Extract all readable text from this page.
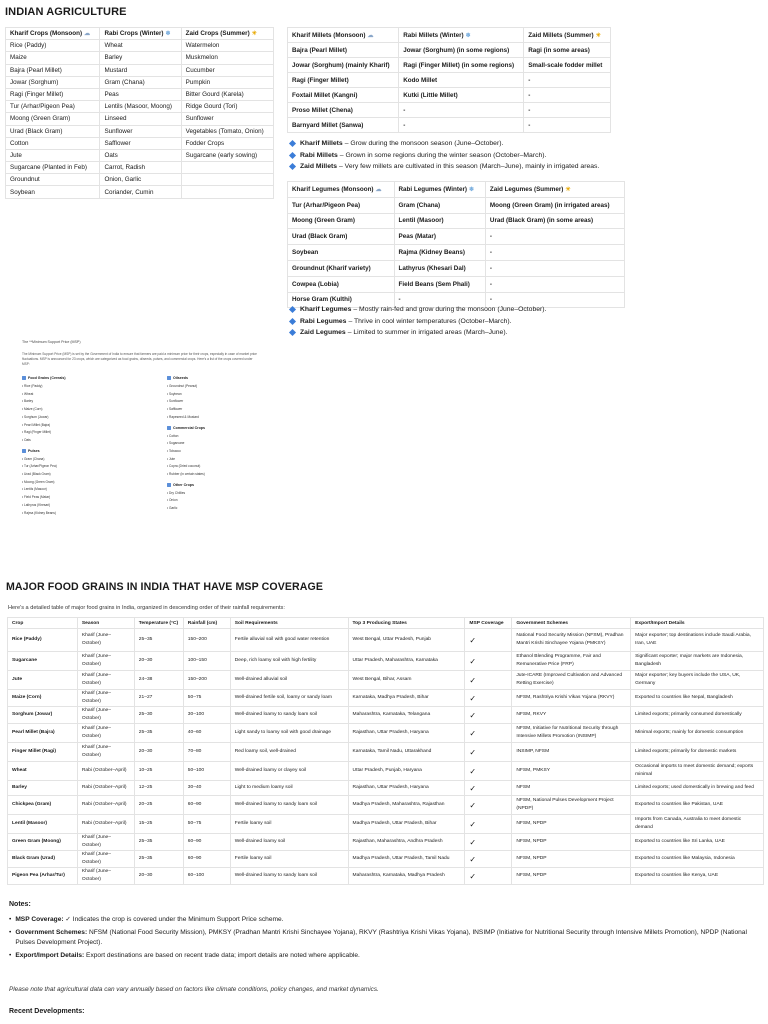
INDIAN AGRICULTURE
Kharif Crops (Monsoon) ☁	Rabi Crops (Winter) ❄	Zaid Crops (Summer) ☀
Rice (Paddy)	Wheat	Watermelon
Maize	Barley	Muskmelon
Bajra (Pearl Millet)	Mustard	Cucumber
Jowar (Sorghum)	Gram (Chana)	Pumpkin
Ragi (Finger Millet)	Peas	Bitter Gourd (Karela)
Tur (Arhar/Pigeon Pea)	Lentils (Masoor, Moong)	Ridge Gourd (Tori)
Moong (Green Gram)	Linseed	Sunflower
Urad (Black Gram)	Sunflower	Vegetables (Tomato, Onion)
Cotton	Safflower	Fodder Crops
Jute	Oats	Sugarcane (early sowing)
Sugarcane (Planted in Feb)	Carrot, Radish	
Groundnut	Onion, Garlic	
Soybean	Coriander, Cumin	
Kharif Millets (Monsoon) ☁	Rabi Millets (Winter) ❄	Zaid Millets (Summer) ☀
Bajra (Pearl Millet)	Jowar (Sorghum) (in some regions)	Ragi (in some areas)
Jowar (Sorghum) (mainly Kharif)	Ragi (Finger Millet) (in some regions)	Small-scale fodder millet
Ragi (Finger Millet)	Kodo Millet	-
Foxtail Millet (Kangni)	Kutki (Little Millet)	-
Proso Millet (Chena)	-	-
Barnyard Millet (Sanwa)	-	-
Kharif Millets – Grow during the monsoon season (June–October).
Rabi Millets – Grown in some regions during the winter season (October–March).
Zaid Millets – Very few millets are cultivated in this season (March–June), mainly in irrigated areas.
Kharif Legumes (Monsoon) ☁	Rabi Legumes (Winter) ❄	Zaid Legumes (Summer) ☀
Tur (Arhar/Pigeon Pea)	Gram (Chana)	Moong (Green Gram) (in irrigated areas)
Moong (Green Gram)	Lentil (Masoor)	Urad (Black Gram) (in some areas)
Urad (Black Gram)	Peas (Matar)	-
Soybean	Rajma (Kidney Beans)	-
Groundnut (Kharif variety)	Lathyrus (Khesari Dal)	-
Cowpea (Lobia)	Field Beans (Sem Phali)	-
Horse Gram (Kulthi)	-	-
Kharif Legumes – Mostly rain-fed and grow during the monsoon (June–October).
Rabi Legumes – Thrive in cool winter temperatures (October–March).
Zaid Legumes – Limited to summer in irrigated areas (March–June).
The **Minimum Support Price (MSP)
The Minimum Support Price (MSP) is set by the Government of India to ensure that farmers are paid a minimum price for their crops, especially in case of market price fluctuations. MSP is announced for 23 crops, which are categorized as food grains, oilseeds, pulses, and commercial crops. Here's a list of the crops covered under MSP:
Food Grains (Cereals)
• Rice (Paddy)
• Wheat
• Barley
• Maize (Corn)
• Sorghum (Jowar)
• Pearl Millet (Bajra)
• Ragi (Finger Millet)
• Oats
Pulses
• Gram (Chana)
• Tur (Arhar/Pigeon Pea)
• Urad (Black Gram)
• Moong (Green Gram)
• Lentils (Masoor)
• Field Peas (Matar)
• Lathyrus (Khesari)
• Rajma (Kidney Beans)
Oilseeds
• Groundnut (Peanut)
• Soybean
• Sunflower
• Safflower
• Rapeseed & Mustard
Commercial Crops
• Cotton
• Sugarcane
• Tobacco
• Jute
• Copra (Dried coconut)
• Rubber (in certain states)
Other Crops
• Dry Chillies
• Onion
• Garlic
MAJOR FOOD GRAINS IN INDIA THAT HAVE MSP COVERAGE
Here's a detailed table of major food grains in India, organized in descending order of their rainfall requirements:
Crop	Season	Temperature (°C)	Rainfall (cm)	Soil Requirements	Top 3 Producing States	MSP Coverage	Government Schemes	Export/Import Details
Rice (Paddy)	Kharif (June–October)	25–35	150–200	Fertile alluvial soil with good water retention	West Bengal, Uttar Pradesh, Punjab	✓	National Food Security Mission (NFSM), Pradhan Mantri Krishi Sinchayee Yojana (PMKSY)	Major exporter; top destinations include Saudi Arabia, Iran, UAE
Sugarcane	Kharif (June–October)	20–30	100–150	Deep, rich loamy soil with high fertility	Uttar Pradesh, Maharashtra, Karnataka	✓	Ethanol Blending Programme, Fair and Remunerative Price (FRP)	Significant exporter; major markets are Indonesia, Bangladesh
Jute	Kharif (June–October)	24–38	150–200	Well-drained alluvial soil	West Bengal, Bihar, Assam	✓	Jute-ICARE (Improved Cultivation and Advanced Retting Exercise)	Major exporter; key buyers include the USA, UK, Germany
Maize (Corn)	Kharif (June–October)	21–27	50–75	Well-drained fertile soil, loamy or sandy loam	Karnataka, Madhya Pradesh, Bihar	✓	NFSM, Rashtriya Krishi Vikas Yojana (RKVY)	Exported to countries like Nepal, Bangladesh
Sorghum (Jowar)	Kharif (June–October)	25–30	30–100	Well-drained loamy to sandy loam soil	Maharashtra, Karnataka, Telangana	✓	NFSM, RKVY	Limited exports; primarily consumed domestically
Pearl Millet (Bajra)	Kharif (June–October)	25–35	40–60	Light sandy to loamy soil with good drainage	Rajasthan, Uttar Pradesh, Haryana	✓	NFSM, Initiative for Nutritional Security through Intensive Millets Promotion (INSIMP)	Minimal exports; mainly for domestic consumption
Finger Millet (Ragi)	Kharif (June–October)	20–30	70–80	Red loamy soil, well-drained	Karnataka, Tamil Nadu, Uttarakhand	✓	INSIMP, NFSM	Limited exports; primarily for domestic markets
Wheat	Rabi (October–April)	10–25	50–100	Well-drained loamy or clayey soil	Uttar Pradesh, Punjab, Haryana	✓	NFSM, PMKSY	Occasional imports to meet domestic demand; exports minimal
Barley	Rabi (October–April)	12–25	30–40	Light to medium loamy soil	Rajasthan, Uttar Pradesh, Haryana	✓	NFSM	Limited exports; used domestically in brewing and feed
Chickpea (Gram)	Rabi (October–April)	20–25	60–90	Well-drained loamy to sandy loam soil	Madhya Pradesh, Maharashtra, Rajasthan	✓	NFSM, National Pulses Development Project (NPDP)	Exported to countries like Pakistan, UAE
Lentil (Masoor)	Rabi (October–April)	15–25	50–75	Fertile loamy soil	Madhya Pradesh, Uttar Pradesh, Bihar	✓	NFSM, NPDP	Imports from Canada, Australia to meet domestic demand
Green Gram (Moong)	Kharif (June–October)	25–35	60–90	Well-drained loamy soil	Rajasthan, Maharashtra, Andhra Pradesh	✓	NFSM, NPDP	Exported to countries like Sri Lanka, UAE
Black Gram (Urad)	Kharif (June–October)	25–35	60–90	Fertile loamy soil	Madhya Pradesh, Uttar Pradesh, Tamil Nadu	✓	NFSM, NPDP	Exported to countries like Malaysia, Indonesia
Pigeon Pea (Arhar/Tur)	Kharif (June–October)	20–30	60–100	Well-drained loamy to sandy loam soil	Maharashtra, Karnataka, Madhya Pradesh	✓	NFSM, NPDP	Exported to countries like Kenya, UAE
Notes:
• MSP Coverage: ✓ Indicates the crop is covered under the Minimum Support Price scheme.
• Government Schemes: NFSM (National Food Security Mission), PMKSY (Pradhan Mantri Krishi Sinchayee Yojana), RKVY (Rashtriya Krishi Vikas Yojana), INSIMP (Initiative for Nutritional Security through Intensive Millets Promotion), NPDP (National Pulses Development Project).
• Export/Import Details: Export destinations are based on recent trade data; import details are noted where applicable.
Please note that agricultural data can vary annually based on factors like climate conditions, policy changes, and market dynamics.
Recent Developments:
